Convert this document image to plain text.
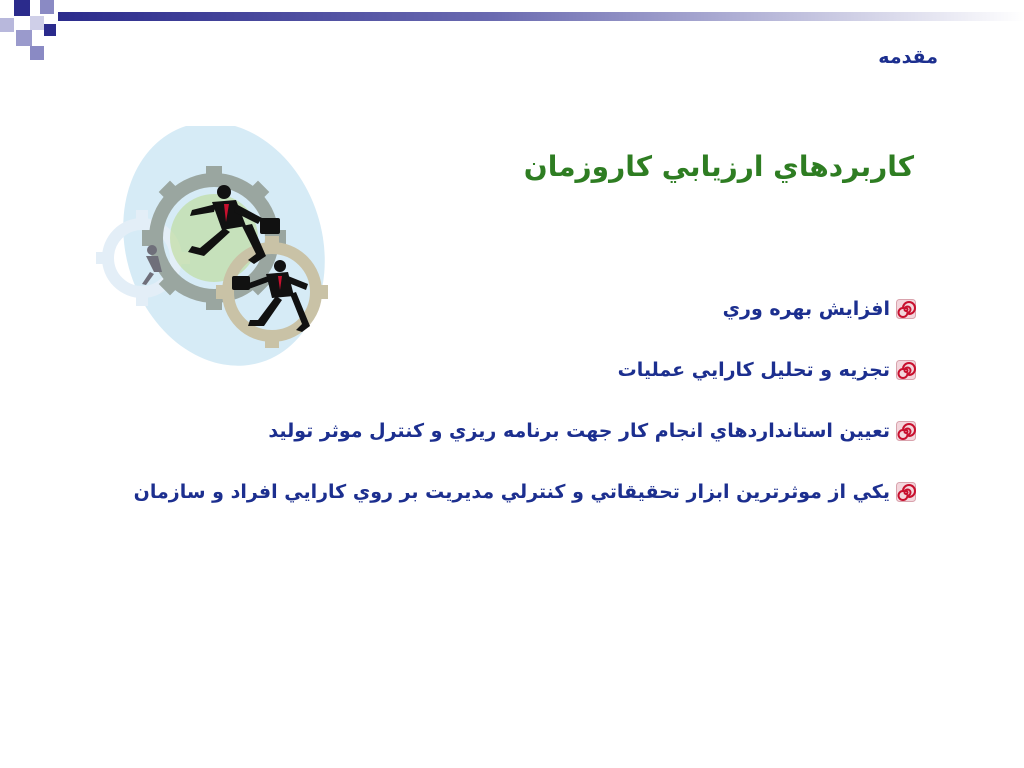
مقدمه
كاربردهاي ارزيابي كاروزمان
افزايش بهره وري
تجزيه و تحليل كارايي عمليات
تعيين استانداردهاي انجام كار جهت برنامه ريزي و كنترل موثر توليد
يكي از موثرترين ابزار تحقيقاتي و كنترلي مديريت بر روي كارايي افراد و سازمان
